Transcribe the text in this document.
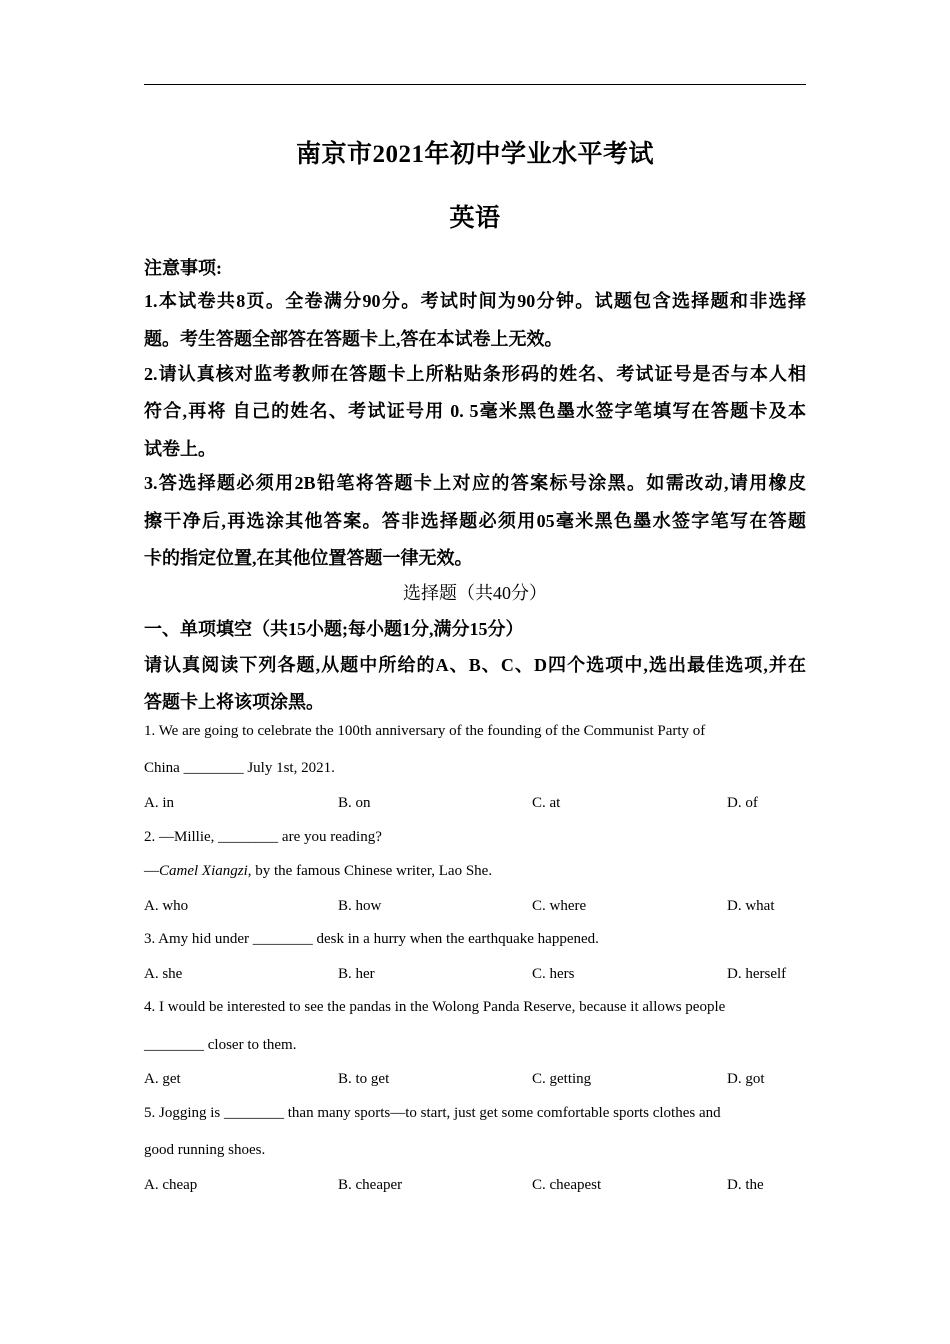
南京市2021年初中学业水平考试
英语
注意事项:
1.本试卷共8页。全卷满分90分。考试时间为90分钟。试题包含选择题和非选择
题。考生答题全部答在答题卡上,答在本试卷上无效。
2.请认真核对监考教师在答题卡上所粘贴条形码的姓名、考试证号是否与本人相
符合,再将 自己的姓名、考试证号用 0. 5毫米黑色墨水签字笔填写在答题卡及本
试卷上。
3.答选择题必须用2B铅笔将答题卡上对应的答案标号涂黑。如需改动,请用橡皮
擦干净后,再选涂其他答案。答非选择题必须用05毫米黑色墨水签字笔写在答题
卡的指定位置,在其他位置答题一律无效。
选择题（共40分）
一、单项填空（共15小题;每小题1分,满分15分）
请认真阅读下列各题,从题中所给的A、B、C、D四个选项中,选出最佳选项,并在
答题卡上将该项涂黑。
1. We are going to celebrate the 100th anniversary of the founding of the Communist Party of
China ________ July 1st, 2021.
A. in	B. on	C. at	D. of
2. —Millie, ________ are you reading?
—Camel Xiangzi, by the famous Chinese writer, Lao She.
A. who	B. how	C. where	D. what
3. Amy hid under ________ desk in a hurry when the earthquake happened.
A. she	B. her	C. hers	D. herself
4. I would be interested to see the pandas in the Wolong Panda Reserve, because it allows people
________ closer to them.
A. get	B. to get	C. getting	D. got
5. Jogging is ________ than many sports—to start, just get some comfortable sports clothes and
good running shoes.
A. cheap	B. cheaper	C. cheapest	D. the
